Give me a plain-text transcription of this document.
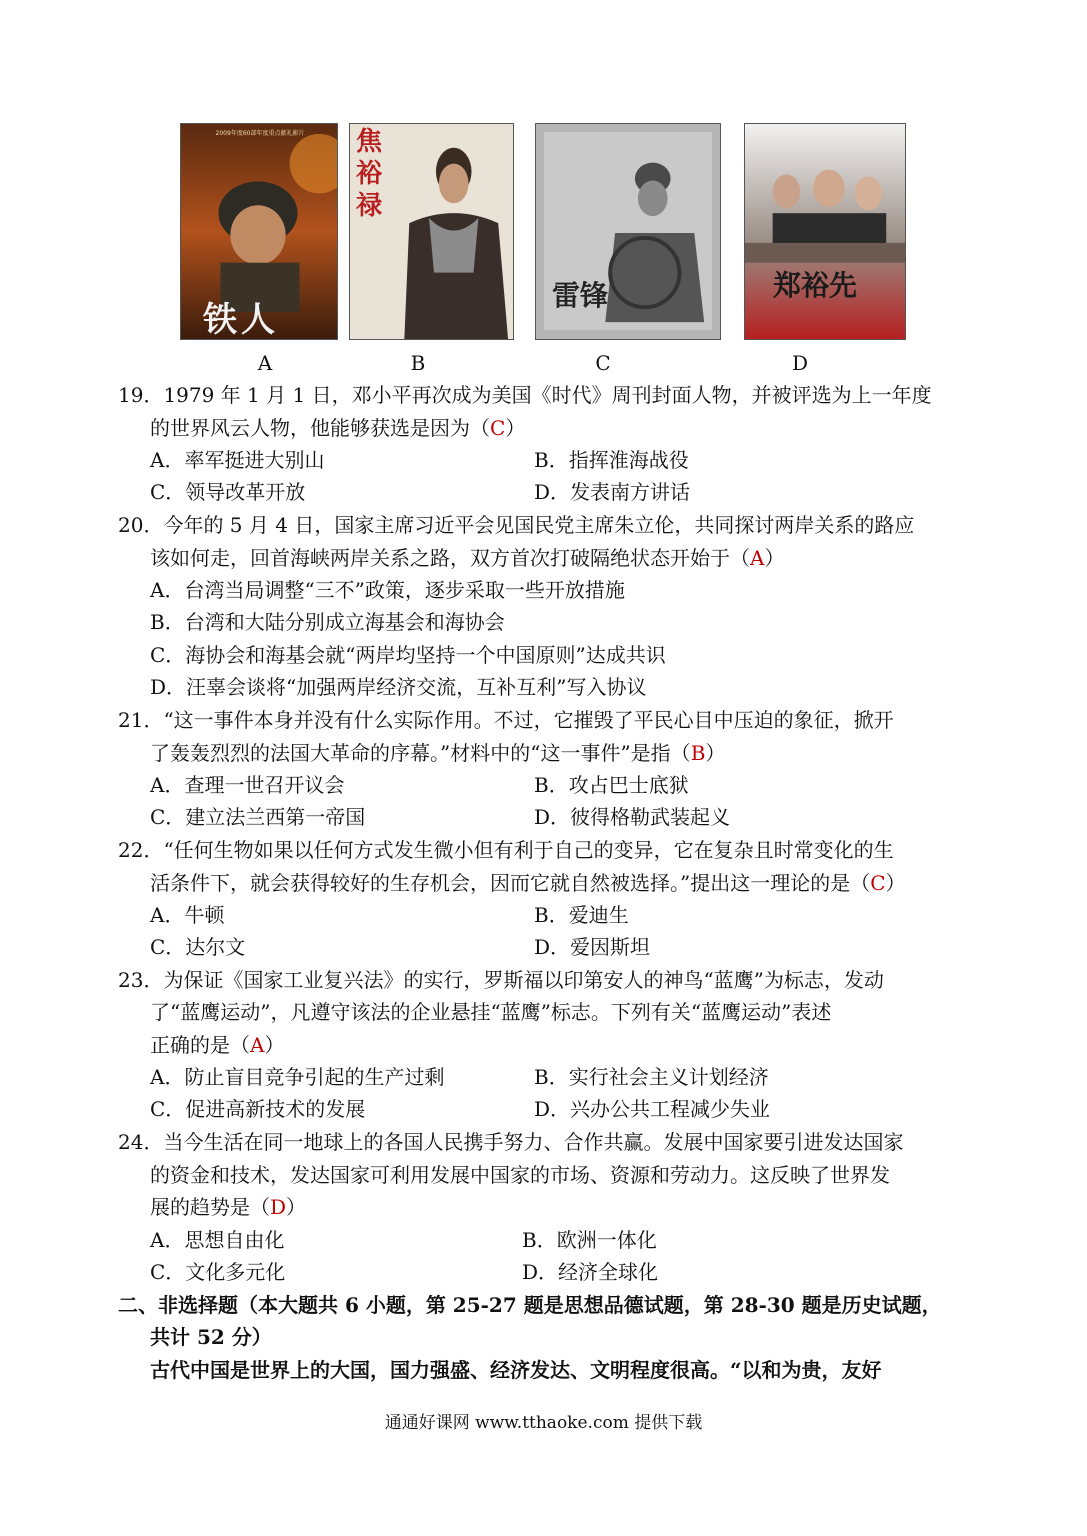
2009年度60部年度重点献礼影片
铁人
焦裕禄
雷锋	郑裕先
A	B	C	D
19．1979 年 1 月 1 日，邓小平再次成为美国《时代》周刊封面人物，并被评选为上一年度
的世界风云人物，他能够获选是因为（C）
A．率军挺进大别山	B．指挥淮海战役
C．领导改革开放	D．发表南方讲话
20．今年的 5 月 4 日，国家主席习近平会见国民党主席朱立伦，共同探讨两岸关系的路应
该如何走，回首海峡两岸关系之路，双方首次打破隔绝状态开始于（A）
A．台湾当局调整“三不”政策，逐步采取一些开放措施
B．台湾和大陆分别成立海基会和海协会
C．海协会和海基会就“两岸均坚持一个中国原则”达成共识
D．汪辜会谈将“加强两岸经济交流，互补互利”写入协议
21．“这一事件本身并没有什么实际作用。不过，它摧毁了平民心目中压迫的象征，掀开
了轰轰烈烈的法国大革命的序幕。”材料中的“这一事件”是指（B）
A．查理一世召开议会	B．攻占巴士底狱
C．建立法兰西第一帝国	D．彼得格勒武装起义
22．“任何生物如果以任何方式发生微小但有利于自己的变异，它在复杂且时常变化的生
活条件下，就会获得较好的生存机会，因而它就自然被选择。”提出这一理论的是（C）
A．牛顿	B．爱迪生
C．达尔文	D．爱因斯坦
23．为保证《国家工业复兴法》的实行，罗斯福以印第安人的神鸟“蓝鹰”为标志，发动
了“蓝鹰运动”，凡遵守该法的企业悬挂“蓝鹰”标志。下列有关“蓝鹰运动”表述
正确的是（A）
A．防止盲目竞争引起的生产过剩	B．实行社会主义计划经济
C．促进高新技术的发展	D．兴办公共工程减少失业
24．当今生活在同一地球上的各国人民携手努力、合作共赢。发展中国家要引进发达国家
的资金和技术，发达国家可利用发展中国家的市场、资源和劳动力。这反映了世界发
展的趋势是（D）
A．思想自由化	B．欧洲一体化
C．文化多元化	D．经济全球化
二、非选择题（本大题共 6 小题，第 25-27 题是思想品德试题，第 28-30 题是历史试题，
共计 52 分）
古代中国是世界上的大国，国力强盛、经济发达、文明程度很高。“以和为贵，友好
通通好课网 www.tthaoke.com 提供下载
